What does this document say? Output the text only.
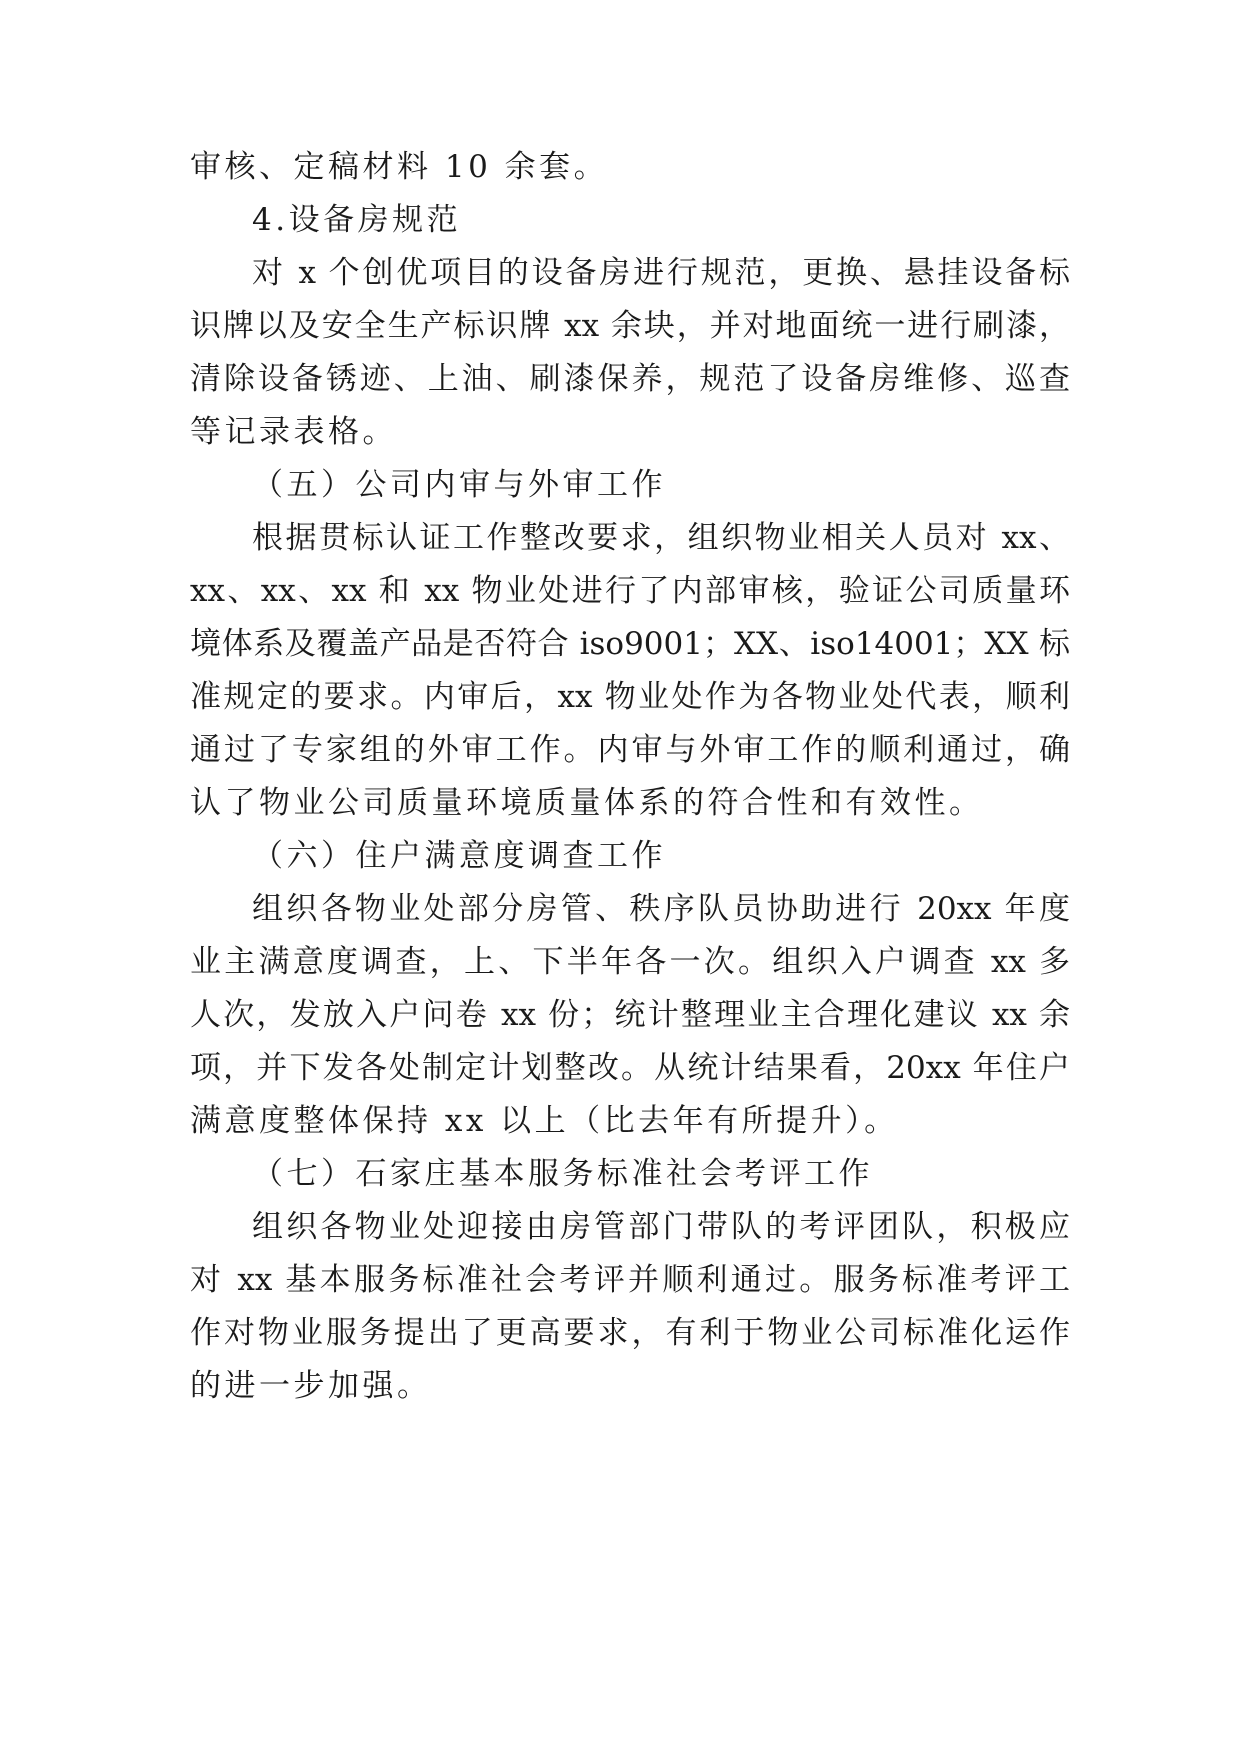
审核、定稿材料 10 余套。

4.设备房规范

对 x 个创优项目的设备房进行规范，更换、悬挂设备标

识牌以及安全生产标识牌 xx 余块，并对地面统一进行刷漆，

清除设备锈迹、上油、刷漆保养，规范了设备房维修、巡查

等记录表格。

（五）公司内审与外审工作

根据贯标认证工作整改要求，组织物业相关人员对 xx、

xx、xx、xx 和 xx 物业处进行了内部审核，验证公司质量环

境体系及覆盖产品是否符合 iso9001；XX、iso14001；XX 标

准规定的要求。内审后，xx 物业处作为各物业处代表，顺利

通过了专家组的外审工作。内审与外审工作的顺利通过，确

认了物业公司质量环境质量体系的符合性和有效性。

（六）住户满意度调查工作

组织各物业处部分房管、秩序队员协助进行 20xx 年度

业主满意度调查，上、下半年各一次。组织入户调查 xx 多

人次，发放入户问卷 xx 份；统计整理业主合理化建议 xx 余

项，并下发各处制定计划整改。从统计结果看，20xx 年住户

满意度整体保持 xx 以上（比去年有所提升）。

（七）石家庄基本服务标准社会考评工作

组织各物业处迎接由房管部门带队的考评团队，积极应

对 xx 基本服务标准社会考评并顺利通过。服务标准考评工

作对物业服务提出了更高要求，有利于物业公司标准化运作

的进一步加强。
